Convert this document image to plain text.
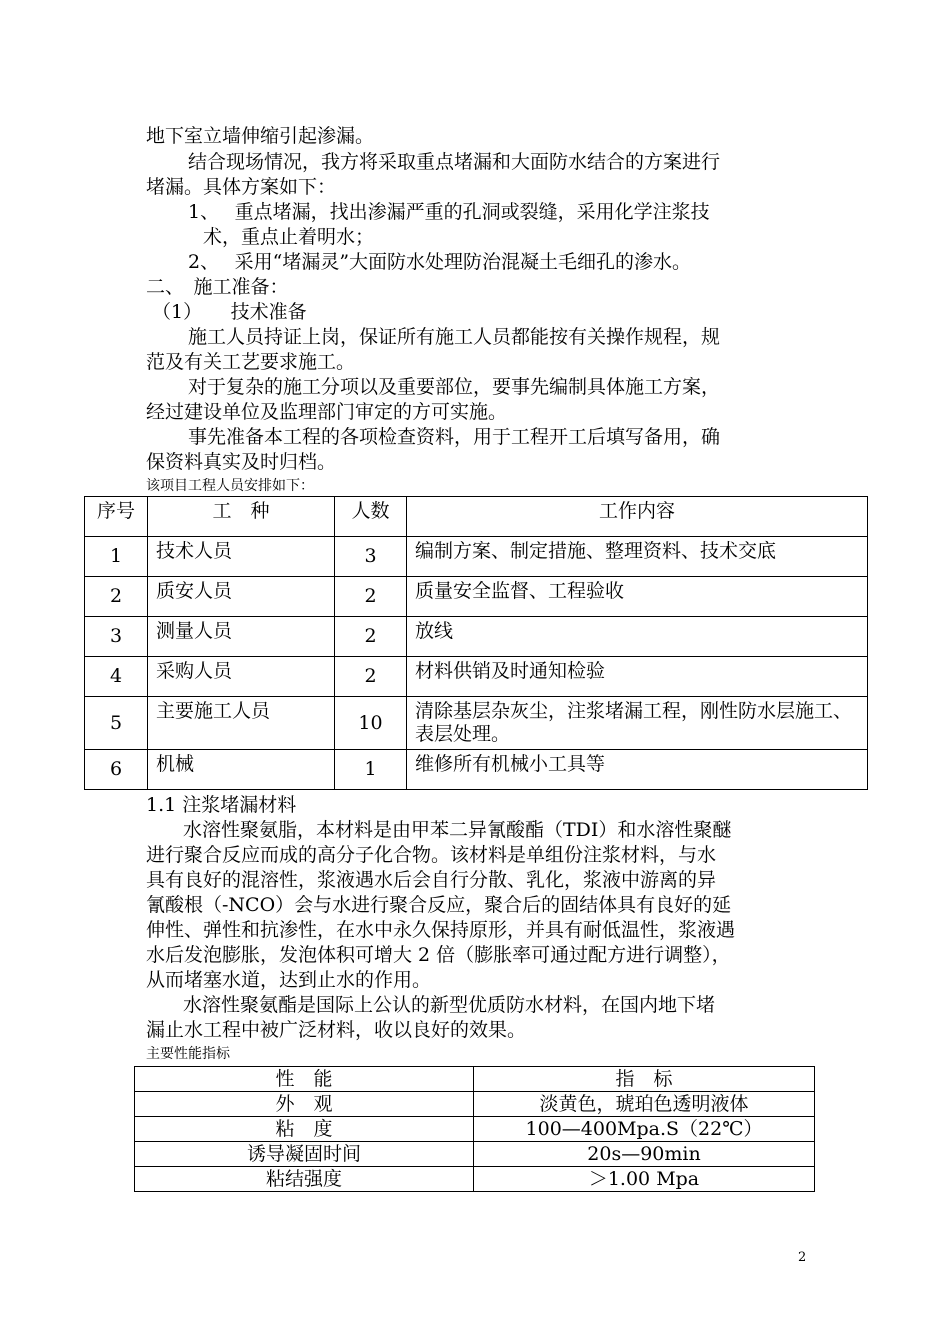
地下室立墙伸缩引起渗漏。
结合现场情况，我方将采取重点堵漏和大面防水结合的方案进行
堵漏。具体方案如下：
1、　 重点堵漏，找出渗漏严重的孔洞或裂缝，采用化学注浆技
术，重点止着明水；
2、　 采用“堵漏灵”大面防水处理防治混凝土毛细孔的渗水。
二、　施工准备：
（1）　　技术准备
施工人员持证上岗，保证所有施工人员都能按有关操作规程，规
范及有关工艺要求施工。
对于复杂的施工分项以及重要部位，要事先编制具体施工方案，
经过建设单位及监理部门审定的方可实施。
事先准备本工程的各项检查资料，用于工程开工后填写备用，确
保资料真实及时归档。
该项目工程人员安排如下：
序号	工　种	人数	工作内容
1	技术人员	3	编制方案、制定措施、整理资料、技术交底
2	质安人员	2	质量安全监督、工程验收
3	测量人员	2	放线
4	采购人员	2	材料供销及时通知检验
5	主要施工人员	10	清除基层杂灰尘，注浆堵漏工程，刚性防水层施工、表层处理。
6	机械	1	维修所有机械小工具等
1.1 注浆堵漏材料
水溶性聚氨脂，本材料是由甲苯二异氰酸酯（TDI）和水溶性聚醚
进行聚合反应而成的高分子化合物。该材料是单组份注浆材料，与水
具有良好的混溶性，浆液遇水后会自行分散、乳化，浆液中游离的异
氰酸根（-NCO）会与水进行聚合反应，聚合后的固结体具有良好的延
伸性、弹性和抗渗性，在水中永久保持原形，并具有耐低温性，浆液遇
水后发泡膨胀，发泡体积可增大 2 倍（膨胀率可通过配方进行调整），
从而堵塞水道，达到止水的作用。
水溶性聚氨酯是国际上公认的新型优质防水材料，在国内地下堵
漏止水工程中被广泛材料，收以良好的效果。
主要性能指标
性　能	指　标
外　观	淡黄色，琥珀色透明液体
粘　度	100—400Mpa.S（22℃）
诱导凝固时间	20s—90min
粘结强度	＞1.00 Mpa
2
